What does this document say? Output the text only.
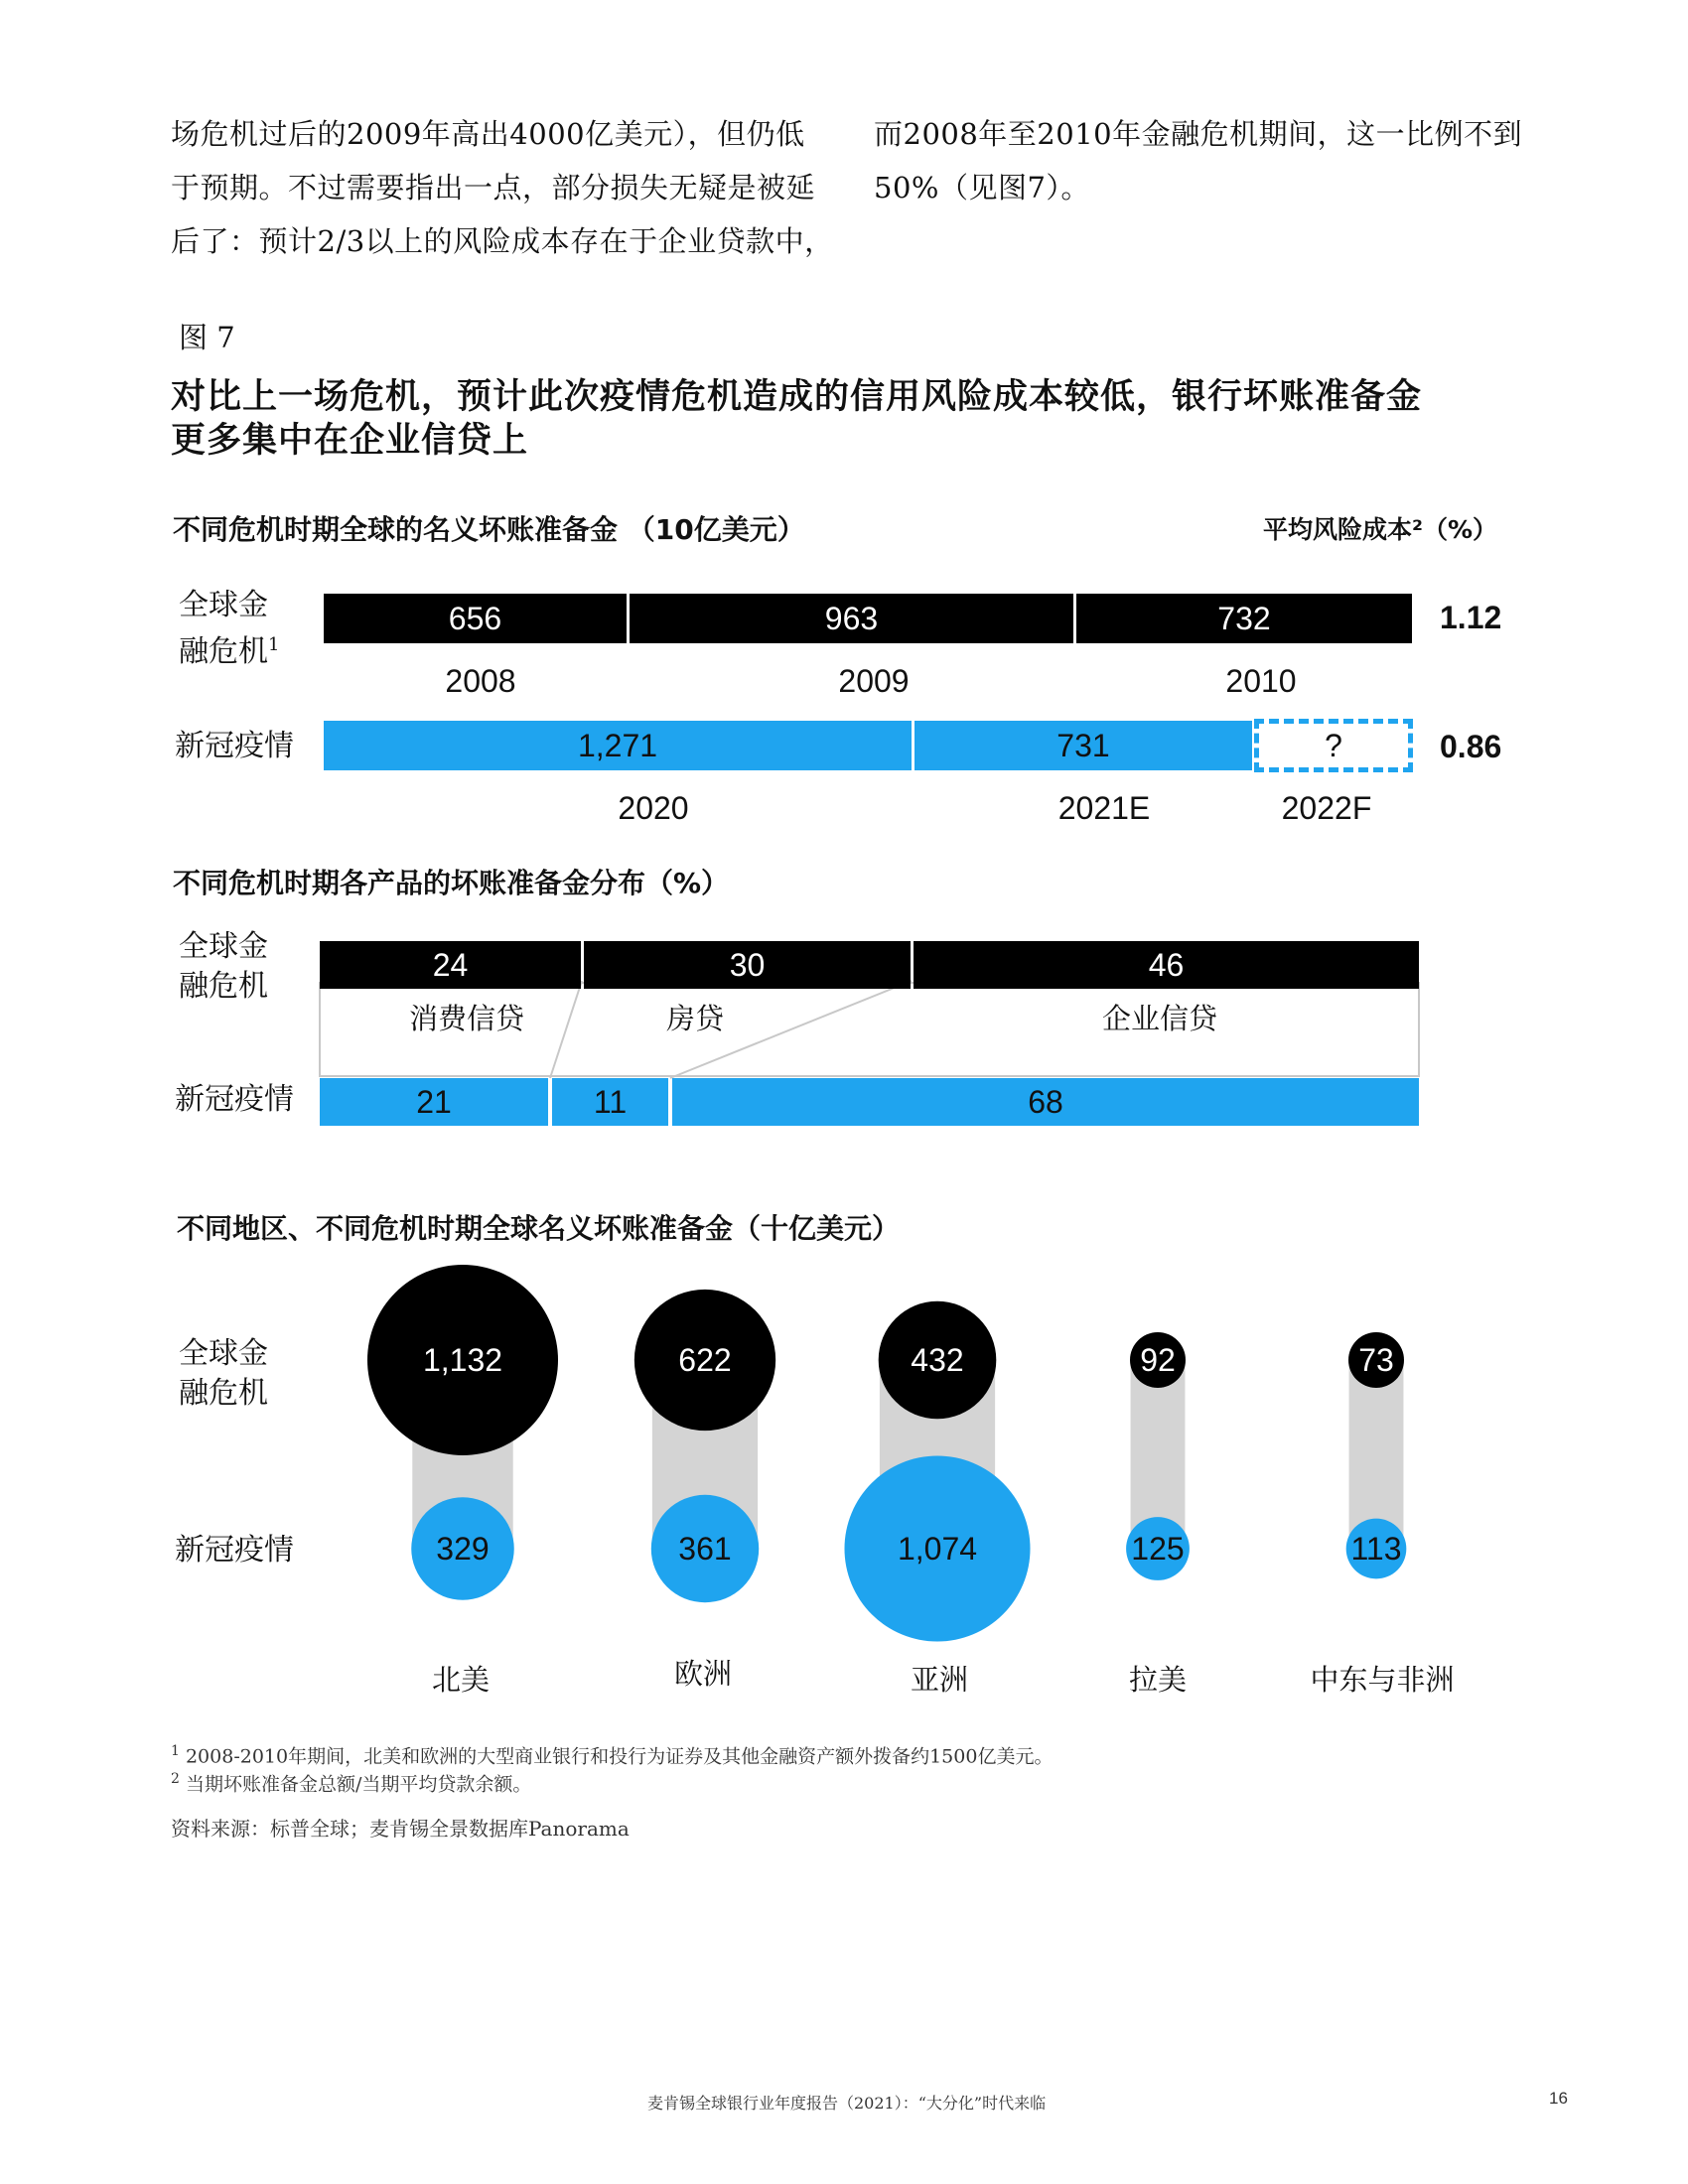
场危机过后的2009年高出4000亿美元），但仍低
于预期。不过需要指出一点，部分损失无疑是被延
后了：预计2/3以上的风险成本存在于企业贷款中，
而2008年至2010年金融危机期间，这一比例不到
50%（见图7）。
图 7
对比上一场危机，预计此次疫情危机造成的信用风险成本较低，银行坏账准备金
更多集中在企业信贷上
不同危机时期全球的名义坏账准备金 （10亿美元）	平均风险成本²（%）
全球金
融危机$^1$
新冠疫情
656	963	732
2008	2009	2010
1.12
1,271	731	?
2020	2021E	2022F
0.86
不同危机时期各产品的坏账准备金分布（%）
全球金
融危机
新冠疫情
24	30	46
消费信贷	房贷	企业信贷
21	11	68
不同地区、不同危机时期全球名义坏账准备金（十亿美元）
全球金
融危机
新冠疫情
1,132
329
622
361
432
1,074
92
125
73
113
北美	欧洲	亚洲	拉美	中东与非洲
$^1$ 2008-2010年期间，北美和欧洲的大型商业银行和投行为证券及其他金融资产额外拨备约1500亿美元。
$^2$ 当期坏账准备金总额/当期平均贷款余额。
资料来源：标普全球；麦肯锡全景数据库Panorama
麦肯锡全球银行业年度报告（2021）：“大分化”时代来临	16
